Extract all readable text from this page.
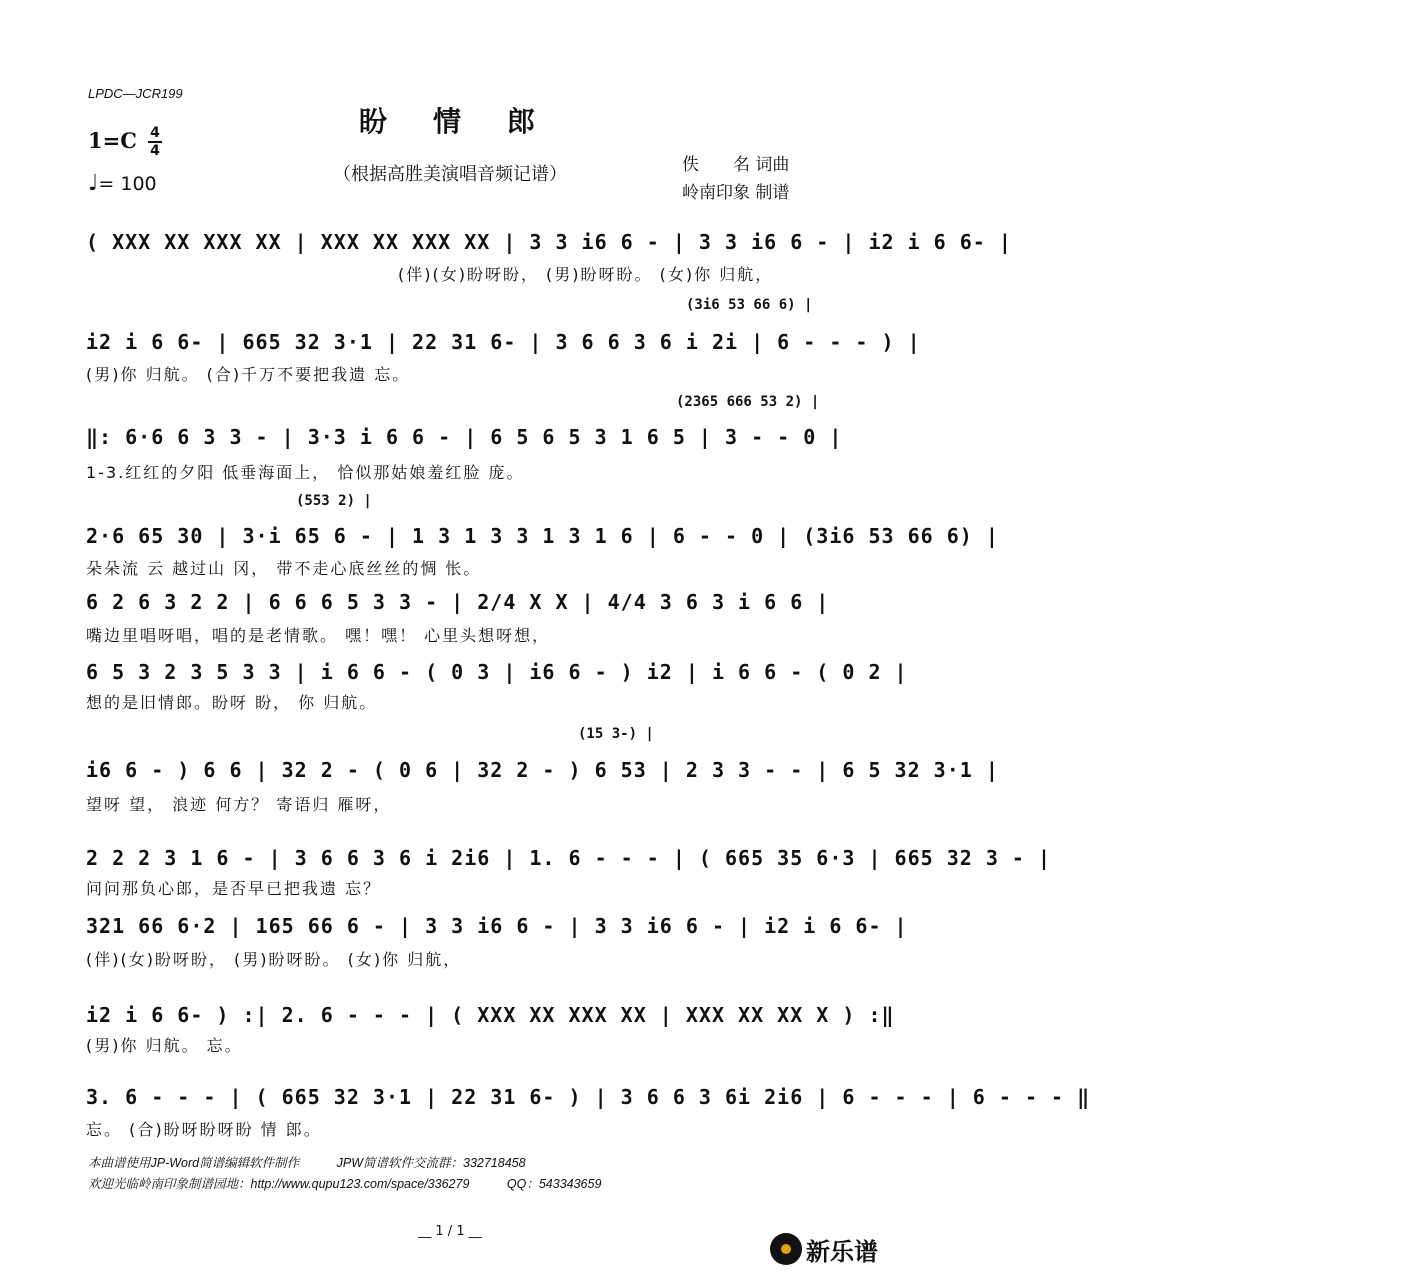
LPDC—JCR199
盼情郎
1=C 4
4
♩= 100	（根据高胜美演唱音频记谱）	佚　　名 词曲
岭南印象 制谱
( XXX XX XXX XX | XXX XX XXX XX | 3 3 i6 6 - | 3 3 i6 6 - | i2 i 6 6- |
(伴)(女)盼呀盼， (男)盼呀盼。 (女)你 归航，
(3i6 53 66 6) |
i2 i 6 6- | 665 32 3·1 | 22 31 6- | 3 6 6 3 6 i 2i | 6 - - - ) |
(男)你 归航。 (合)千万不要把我遗 忘。
(2365 666 53 2) |
‖: 6·6 6 3 3 - | 3·3 i 6 6 - | 6 5 6 5 3 1 6 5 | 3 - - 0 |
1-3.红红的夕阳 低垂海面上， 恰似那姑娘羞红脸 庞。
(553 2) |
2·6 65 30 | 3·i 65 6 - | 1 3 1 3 3 1 3 1 6 | 6 - - 0 | (3i6 53 66 6) |
朵朵流 云 越过山 冈， 带不走心底丝丝的惆 怅。
6 2 6 3 2 2 | 6 6 6 5 3 3 - | 2/4 X X | 4/4 3 6 3 i 6 6 |
嘴边里唱呀唱，唱的是老情歌。 嘿！嘿！ 心里头想呀想，
6 5 3 2 3 5 3 3 | i 6 6 - ( 0 3 | i6 6 - ) i2 | i 6 6 - ( 0 2 |
想的是旧情郎。盼呀 盼， 你 归航。
(15 3-) |
i6 6 - ) 6 6 | 32 2 - ( 0 6 | 32 2 - ) 6 53 | 2 3 3 - - | 6 5 32 3·1 |
望呀 望， 浪迹 何方？ 寄语归 雁呀，
2 2 2 3 1 6 - | 3 6 6 3 6 i 2i6 | 1. 6 - - - | ( 665 35 6·3 | 665 32 3 - |
问问那负心郎，是否早已把我遗 忘？
321 66 6·2 | 165 66 6 - | 3 3 i6 6 - | 3 3 i6 6 - | i2 i 6 6- |
(伴)(女)盼呀盼， (男)盼呀盼。 (女)你 归航，
i2 i 6 6- ) :| 2. 6 - - - | ( XXX XX XXX XX | XXX XX XX X ) :‖
(男)你 归航。 忘。
3. 6 - - - | ( 665 32 3·1 | 22 31 6- ) | 3 6 6 3 6i 2i6 | 6 - - - | 6 - - - ‖
忘。 (合)盼呀盼呀盼 情 郎。
本曲谱使用JP-Word简谱编辑软件制作　　　JPW简谱软件交流群：332718458
欢迎光临岭南印象制谱园地：http://www.qupu123.com/space/336279　　　QQ：543343659
__ 1 / 1 __
新乐谱
